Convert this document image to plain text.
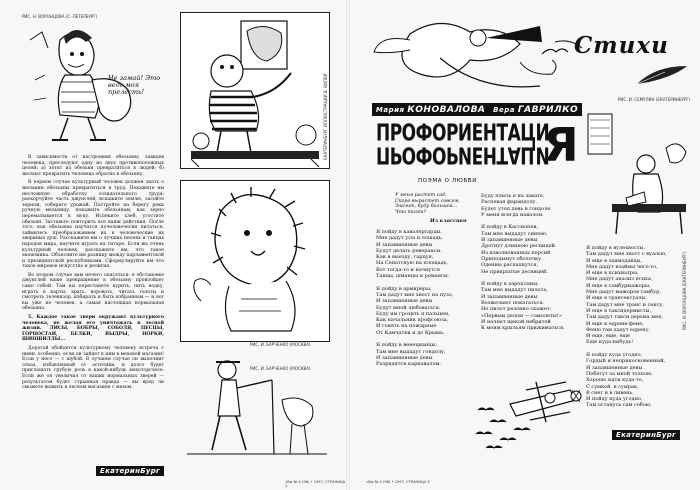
РИС. Н. ВОРОНЦОВА (С.-ПЕТЕРБУРГ)
Не замай! Это ведь моя прелесть!	ЕКАТЕРИНБУРГ ИЛЛЮСТРАЦИИ В. ВИЛЕЙ

В зависимости от настроения обезьяны, завидев человека, преследуют одну из двух противоположных целей: а) хотят из обезьян превратиться в людей; б) желают превратить человека обратно в обезьяну.

В первом случае культурный человек должен знать о желании обезьяны превратиться в труд. Покажите им несложную обработку созидательного труда: раскорчуйте часть джунглей, вспашите землю, засейте зерном, соберите урожай. Постройте на берегу реки ручную мельницу, покажите обезьянам, как зерно перемалывается в муку. Испеките хлеб, угостите обезьян. Заставьте повторить все ваши действия. После того, как обезьяны научатся почеловечески питаться, займитесь преобразованием их в человеческие их звериных душ. Расскажите им о лучших песнях и танцах народов мира, научите играть на гитаре. Если вы очень культурный человек, расскажите им, что такое экономика. Объясните им разницу между парламентской и президентской республиками. Сформулируйте им что такое мировое искусство и религия.

Во втором случае вам нечего опасаться: в обстановке джунглей ваше превращение в обезьяну произойдет само собой. Там вы перестанете курить, пить водку, играть в карты, врать, воровать, читать газеты и смотреть телевизор, избирать и быть избранным — и вот вы уже не человек, а самая настоящая нормальная обезьяна.

5. Каждое такое звери окружают культурного человека, не желая его уничтожать в лесной жизни. ЛИСЫ, БОБРЫ, СОБОЛЯ, ПЕСЦЫ, ГОРНОСТАИ, БЕЛКИ, ВЫДРЫ, НОРКИ, ШИНШИЛЛЫ...

Дорогой обойдется культурному человеку встреча с ними, особенно, если он зайдет к ним в меховой магазин! Если у него — с шубой. В лучшем случае он выполнит отказ, избавленный от эстетики, и долго будет приглашать грубую роль в какой-нибудь мехоторговле. Если же он увеличил от ваших нормальных зверей — результатом будет страшная правда — вы вряд ли сможете выжить в лесном магазине с мехом.

РИС. И. БАРЧЕНКО (МОСКВА)
РИС. И. БАРЧЕНКО (МОСКВА)
ЕкатеринБург
«Вы № 4 (96) • 1997, СТРАНИЦА 2
Стихи
РИС. И. СЕМУЛИН (ЕКАТЕРИНБУРГ)
Мария КОНОВАЛОВА Вера ГАВРИЛКО
ПРОФОРИЕНТАЦИ
ПРОФОРИЕНТАЦИ
Я
ПОЭМА О ЛЮБВИ
РИС. И. ВОРОНЦОВА (ЕКАТЕРИНБУРГ)
У меня растет сад,
Скоро вырастет совсем,
Значит, буду большой...
Что тогда?
Из классики
Я пойду в кавалергарды,
Мне дадут усы и лошадь,
И запавшенные девы
Будут делать реверансы.
Как в выезду, гарцуя,
На Сенатскую на площадь,
Вот тогда-то и начнутся
Танцы, шманцы и романсы.

Я пойду в армирёры,
Там дадут мне хвост на пузо,
И запавшенные девы
Будут мной любоваться.
Буду им грозить я пальцем,
Как начальник профсоюза,
И гонять на пожарные
От Камчатки и до Крыма.

Я пойду в венецианцы,
Там мне выдадут гондолу,
И запавшенные девы
Разрядятся карнавалом.
Буду плыть я на закате,
Распевая фарандолу.
Будет утоп девь в гондоле
У меня всегда навалом.

Я пойду в Кассиопеи,
Там мне выдадут синюю,
И запавшенные девы
Дрогнут длинною ресницей.
Из взволнованных персий
Приподымут оболочку
Оденны распахнутся,
Не прикрытые десницей.

Я пойду в аэропланы,
Там мне выдадут пилота,
И запавшенные девы
Возжелают покататься.
Но пилот резонно скажет:
«Первым делом — самолеты!»
И начнет щекой небритой
К моим крыльям прижиматься.
Я пойду в вулехвосты,
Там дадут мне хвост с вуалью,
И еще в заимодавцы,
Мне дадут взаймы чего-то,
И еще в психиатры,
Мне дадут анализ психа,
И еще в тамбурмажоры,
Мне дадут мажоров тамбур,
И еще в трансексуалы,
Там дадут мне транс и сексу,
И еще в таксидермисты,
Там дадут такси дерьма мне,
И еще к едрене-фене,
Феню там дадут едрену,
И еще, еще, еще
Еще куда-нибудь!

Я пойду куда угодно,
Гордый и неприкосновенный,
И запавшенные девы
Побегут за мной толпою.
Хорошо идти куда-то,
С сумкой, в сумрак,
В снег и в ливень,
И пойду куда угодно,
Там останусь сам собою.
ЕкатеринБург
«Вы № 4 (96) • 1997, СТРАНИЦА 3
